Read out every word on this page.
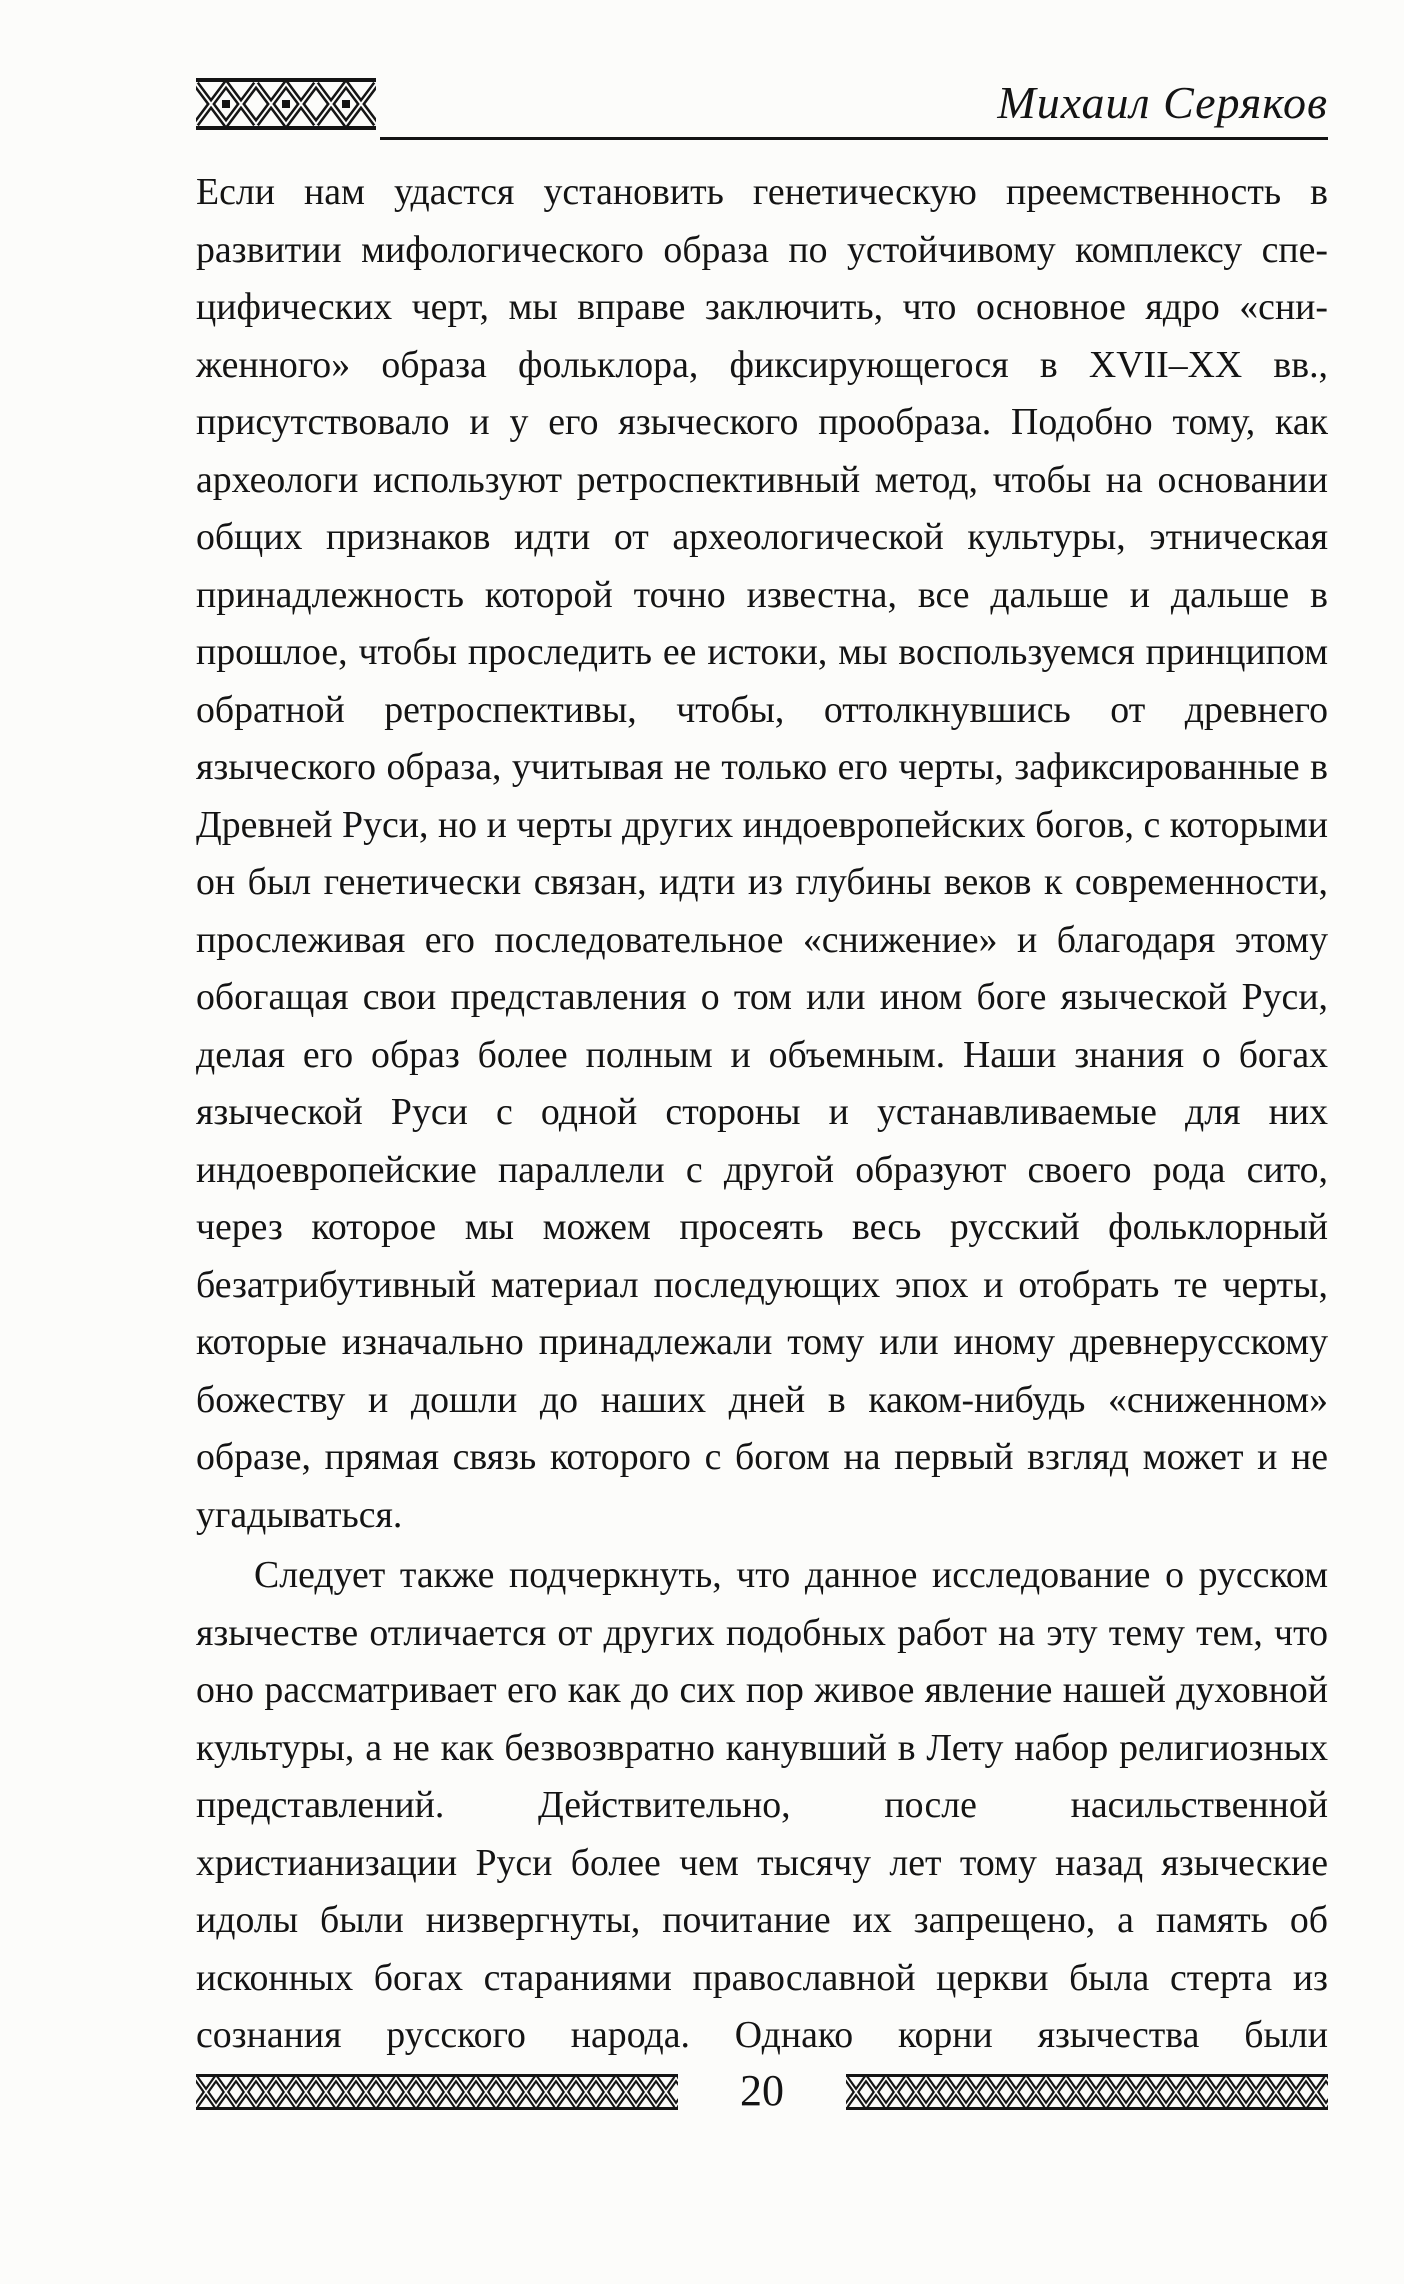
Михаил Серяков

Если нам удастся установить генетическую преемственность в развитии мифологического образа по устойчивому комплексу специфических черт, мы вправе заключить, что основное ядро «сниженного» образа фольклора, фиксирующегося в XVII–XX вв., присутствовало и у его языческого прообраза. Подобно тому, как археологи используют ретроспективный метод, чтобы на основании общих признаков идти от археологической культуры, этническая принадлежность которой точно известна, все дальше и дальше в прошлое, чтобы проследить ее истоки, мы воспользуемся принципом обратной ретроспективы, чтобы, оттолкнувшись от древнего языческого образа, учитывая не только его черты, зафиксированные в Древней Руси, но и черты других индоевропейских богов, с которыми он был генетически связан, идти из глубины веков к современности, прослеживая его последовательное «снижение» и благодаря этому обогащая свои представления о том или ином боге языческой Руси, делая его образ более полным и объемным. Наши знания о богах языческой Руси с одной стороны и устанавливаемые для них индоевропейские параллели с другой образуют своего рода сито, через которое мы можем просеять весь русский фольклорный безатрибутивный материал последующих эпох и отобрать те черты, которые изначально принадлежали тому или иному древнерусскому божеству и дошли до наших дней в каком-нибудь «сниженном» образе, прямая связь которого с богом на первый взгляд может и не угадываться.

Следует также подчеркнуть, что данное исследование о русском язычестве отличается от других подобных работ на эту тему тем, что оно рассматривает его как до сих пор живое явление нашей духовной культуры, а не как безвозвратно канувший в Лету набор религиозных представлений. Действительно, после насильственной христианизации Руси более чем тысячу лет тому назад языческие идолы были низвергнуты, почитание их запрещено, а память об исконных богах стараниями православной церкви была стерта из сознания русского народа. Однако корни язычества были

20
